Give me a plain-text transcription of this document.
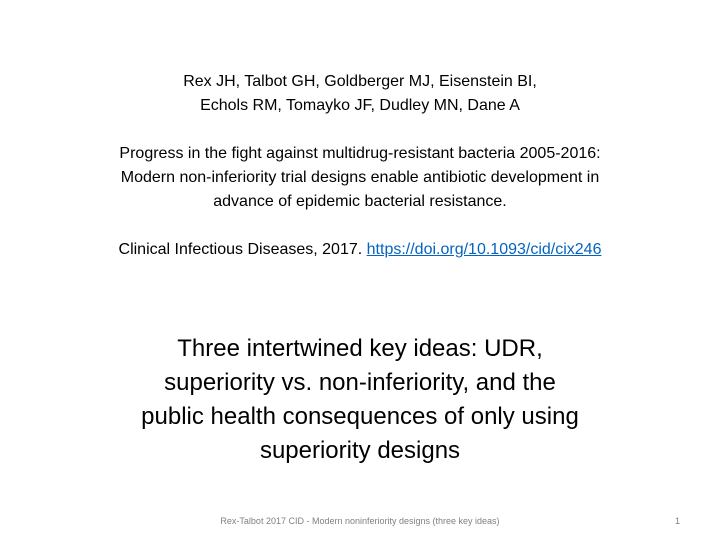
Rex JH, Talbot GH, Goldberger MJ, Eisenstein BI,
Echols RM, Tomayko JF, Dudley MN, Dane A
Progress in the fight against multidrug-resistant bacteria 2005-2016:
Modern non-inferiority trial designs enable antibiotic development in
advance of epidemic bacterial resistance.
Clinical Infectious Diseases, 2017. https://doi.org/10.1093/cid/cix246
Three intertwined key ideas: UDR,
superiority vs. non-inferiority, and the
public health consequences of only using
superiority designs
Rex-Talbot 2017 CID - Modern noninferiority designs (three key ideas)	1
